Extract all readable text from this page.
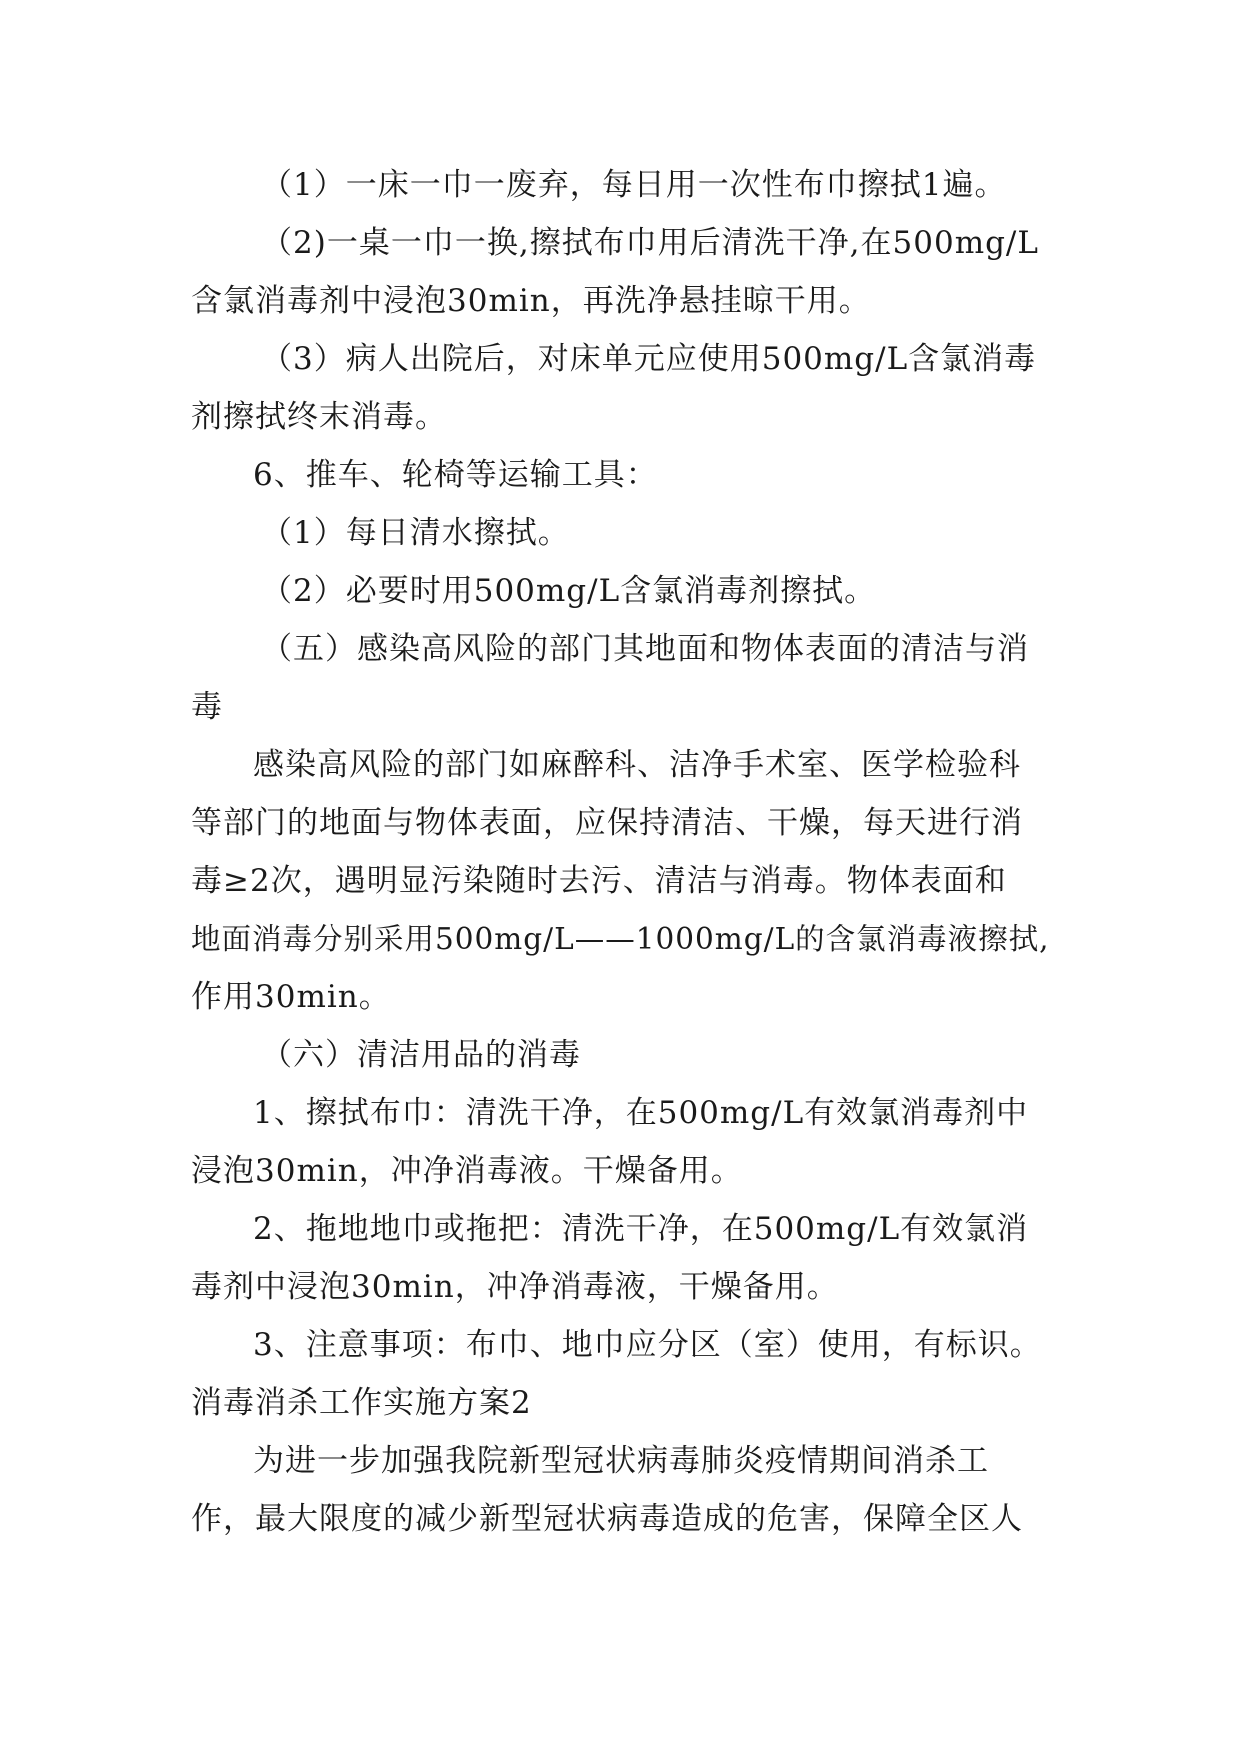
（1）一床一巾一废弃，每日用一次性布巾擦拭1遍。
（2)一桌一巾一换,擦拭布巾用后清洗干净,在500mg/L
含氯消毒剂中浸泡30min，再洗净悬挂晾干用。
（3）病人出院后，对床单元应使用500mg/L含氯消毒
剂擦拭终末消毒。
6、推车、轮椅等运输工具：
（1）每日清水擦拭。
（2）必要时用500mg/L含氯消毒剂擦拭。
（五）感染高风险的部门其地面和物体表面的清洁与消
毒
感染高风险的部门如麻醉科、洁净手术室、医学检验科
等部门的地面与物体表面，应保持清洁、干燥，每天进行消
毒≥2次，遇明显污染随时去污、清洁与消毒。物体表面和
地面消毒分别采用500mg/L——1000mg/L的含氯消毒液擦拭,
作用30min。
（六）清洁用品的消毒
1、擦拭布巾：清洗干净，在500mg/L有效氯消毒剂中
浸泡30min，冲净消毒液。干燥备用。
2、拖地地巾或拖把：清洗干净，在500mg/L有效氯消
毒剂中浸泡30min，冲净消毒液，干燥备用。
3、注意事项：布巾、地巾应分区（室）使用，有标识。
消毒消杀工作实施方案2
为进一步加强我院新型冠状病毒肺炎疫情期间消杀工
作，最大限度的减少新型冠状病毒造成的危害，保障全区人
